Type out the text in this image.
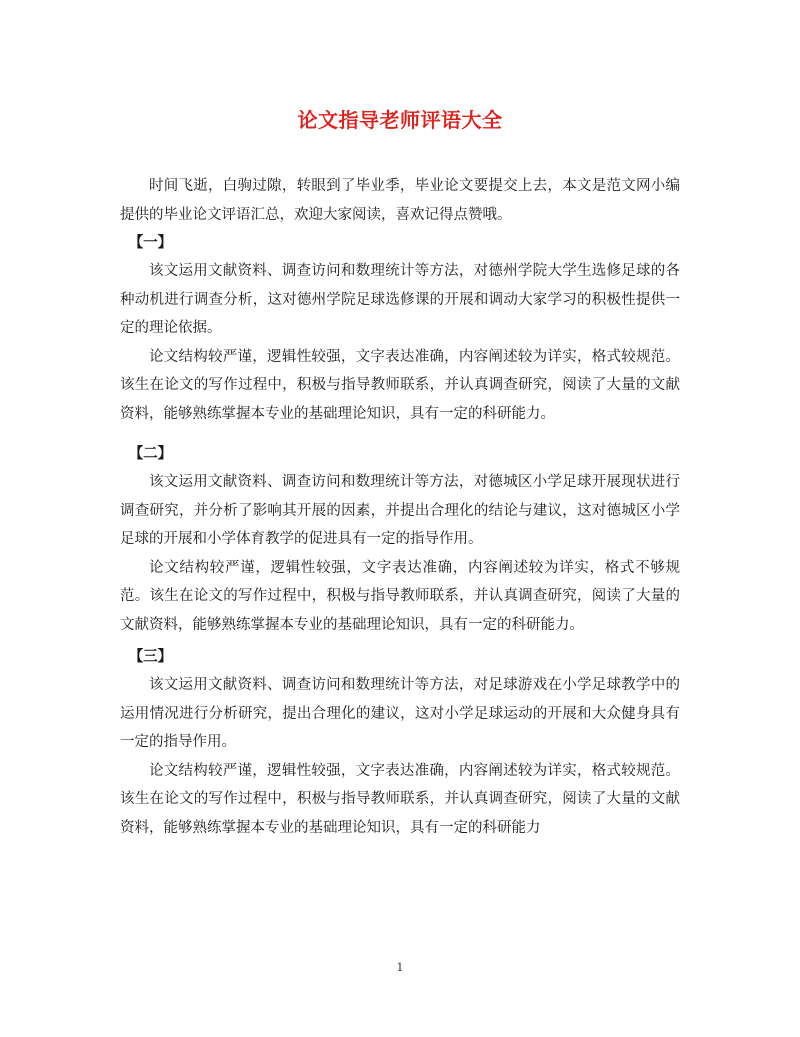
论文指导老师评语大全

时间飞逝，白驹过隙，转眼到了毕业季，毕业论文要提交上去，本文是范文网小编提供的毕业论文评语汇总，欢迎大家阅读，喜欢记得点赞哦。

【一】

该文运用文献资料、调查访问和数理统计等方法，对德州学院大学生选修足球的各种动机进行调查分析，这对德州学院足球选修课的开展和调动大家学习的积极性提供一定的理论依据。

论文结构较严谨，逻辑性较强，文字表达准确，内容阐述较为详实，格式较规范。该生在论文的写作过程中，积极与指导教师联系，并认真调查研究，阅读了大量的文献资料，能够熟练掌握本专业的基础理论知识，具有一定的科研能力。

【二】

该文运用文献资料、调查访问和数理统计等方法，对德城区小学足球开展现状进行调查研究，并分析了影响其开展的因素，并提出合理化的结论与建议，这对德城区小学足球的开展和小学体育教学的促进具有一定的指导作用。

论文结构较严谨，逻辑性较强，文字表达准确，内容阐述较为详实，格式不够规范。该生在论文的写作过程中，积极与指导教师联系，并认真调查研究，阅读了大量的文献资料，能够熟练掌握本专业的基础理论知识，具有一定的科研能力。

【三】

该文运用文献资料、调查访问和数理统计等方法，对足球游戏在小学足球教学中的运用情况进行分析研究，提出合理化的建议，这对小学足球运动的开展和大众健身具有一定的指导作用。

论文结构较严谨，逻辑性较强，文字表达准确，内容阐述较为详实，格式较规范。该生在论文的写作过程中，积极与指导教师联系，并认真调查研究，阅读了大量的文献资料，能够熟练掌握本专业的基础理论知识，具有一定的科研能力

1
